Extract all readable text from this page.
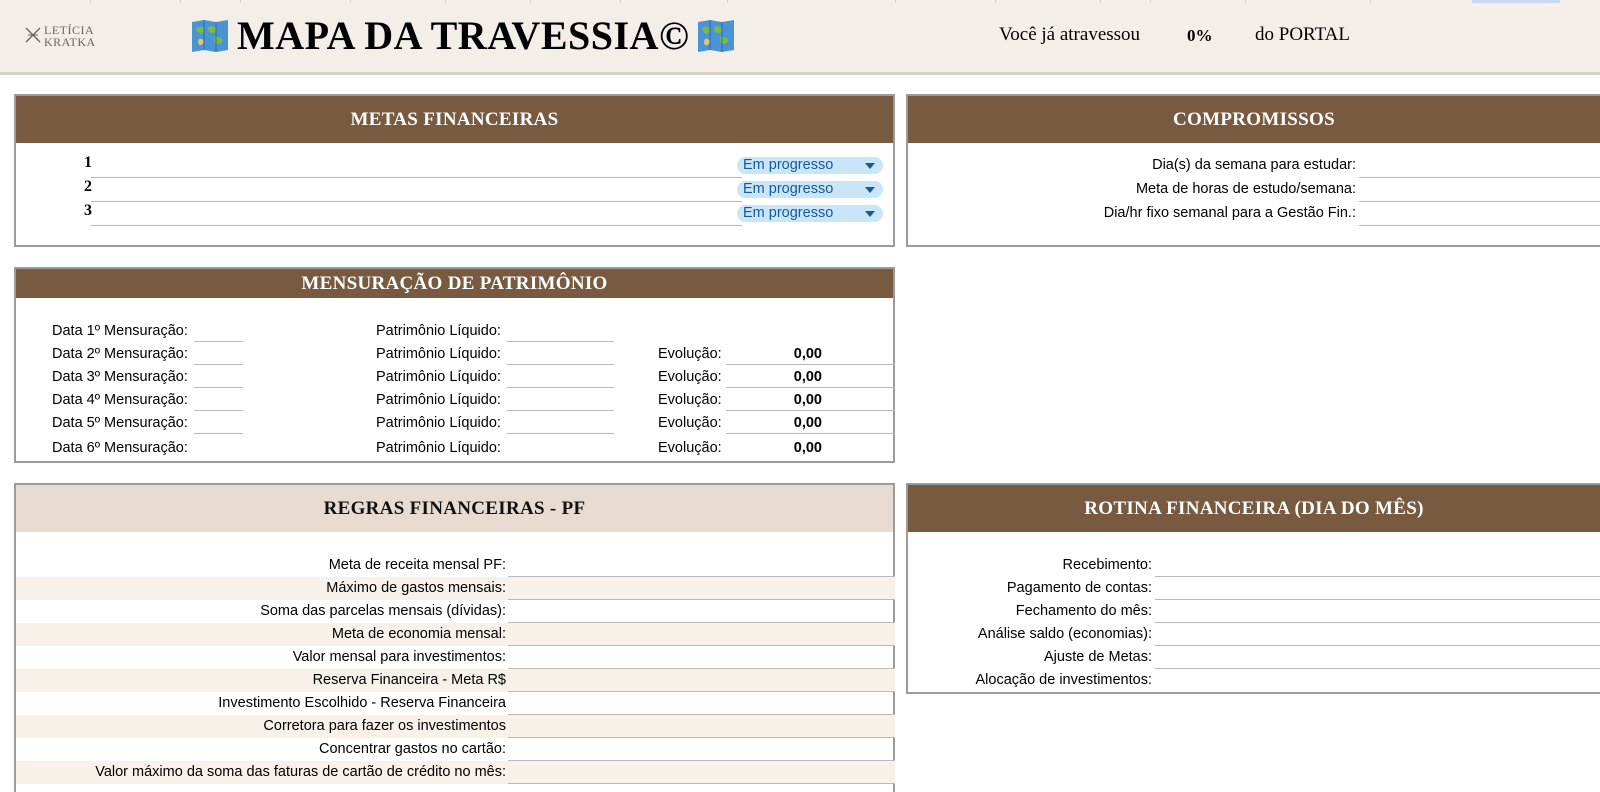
LETÍCIA
KRATKA	MAPA DA TRAVESSIA©	Você já atravessou	0% do PORTAL
METAS FINANCEIRAS
1	Em progresso
2	Em progresso
3	Em progresso
COMPROMISSOS
Dia(s) da semana para estudar:
Meta de horas de estudo/semana:
Dia/hr fixo semanal para a Gestão Fin.:
MENSURAÇÃO DE PATRIMÔNIO
Data 1º Mensuração:	Patrimônio Líquido:
Data 2º Mensuração:	Patrimônio Líquido:	Evolução:	0,00
Data 3º Mensuração:	Patrimônio Líquido:	Evolução:	0,00
Data 4º Mensuração:	Patrimônio Líquido:	Evolução:	0,00
Data 5º Mensuração:	Patrimônio Líquido:	Evolução:	0,00
Data 6º Mensuração:	Patrimônio Líquido:	Evolução:	0,00
REGRAS FINANCEIRAS - PF
Meta de receita mensal PF:
Máximo de gastos mensais:
Soma das parcelas mensais (dívidas):
Meta de economia mensal:
Valor mensal para investimentos:
Reserva Financeira - Meta R$
Investimento Escolhido - Reserva Financeira
Corretora para fazer os investimentos
Concentrar gastos no cartão:
Valor máximo da soma das faturas de cartão de crédito no mês:
ROTINA FINANCEIRA (DIA DO MÊS)
Recebimento:
Pagamento de contas:
Fechamento do mês:
Análise saldo (economias):
Ajuste de Metas:
Alocação de investimentos:
